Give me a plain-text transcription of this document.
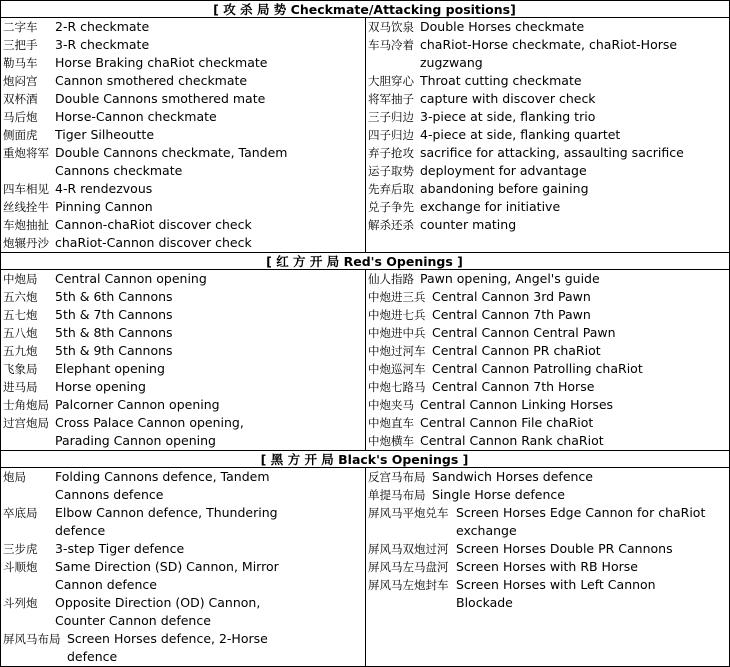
[ 攻 杀 局 势 Checkmate/Attacking positions]
二字车 2-R checkmate
三把手 3-R checkmate
勒马车 Horse Braking chaRiot checkmate
炮闷宫 Cannon smothered checkmate
双杯酒 Double Cannons smothered mate
马后炮 Horse-Cannon checkmate
侧面虎 Tiger Silheoutte
重炮将军 Double Cannons checkmate, Tandem
Cannons checkmate
四车相见 4-R rendezvous
丝线拴牛 Pinning Cannon
车炮抽扯 Cannon-chaRiot discover check
炮辗丹沙 chaRiot-Cannon discover check
双马饮泉 Double Horses checkmate
车马冷着 chaRiot-Horse checkmate, chaRiot-Horse
zugzwang
大胆穿心 Throat cutting checkmate
将军抽子 capture with discover check
三子归边 3-piece at side, flanking trio
四子归边 4-piece at side, flanking quartet
弃子抢攻 sacrifice for attacking, assaulting sacrifice
运子取势 deployment for advantage
先弃后取 abandoning before gaining
兑子争先 exchange for initiative
解杀还杀 counter mating
[ 红 方 开 局 Red's Openings ]
中炮局 Central Cannon opening
五六炮 5th & 6th Cannons
五七炮 5th & 7th Cannons
五八炮 5th & 8th Cannons
五九炮 5th & 9th Cannons
飞象局 Elephant opening
进马局 Horse opening
士角炮局 Palcorner Cannon opening
过宫炮局 Cross Palace Cannon opening,
Parading Cannon opening
仙人指路 Pawn opening, Angel's guide
中炮进三兵 Central Cannon 3rd Pawn
中炮进七兵 Central Cannon 7th Pawn
中炮进中兵 Central Cannon Central Pawn
中炮过河车 Central Cannon PR chaRiot
中炮巡河车 Central Cannon Patrolling chaRiot
中炮七路马 Central Cannon 7th Horse
中炮夹马 Central Cannon Linking Horses
中炮直车 Central Cannon File chaRiot
中炮横车 Central Cannon Rank chaRiot
[ 黑 方 开 局 Black's Openings ]
炮局 Folding Cannons defence, Tandem
Cannons defence
卒底局 Elbow Cannon defence, Thundering
defence
三步虎 3-step Tiger defence
斗顺炮 Same Direction (SD) Cannon, Mirror
Cannon defence
斗列炮 Opposite Direction (OD) Cannon,
Counter Cannon defence
屏风马布局 Screen Horses defence, 2-Horse
defence
反宫马布局 Sandwich Horses defence
单提马布局 Single Horse defence
屏风马平炮兑车 Screen Horses Edge Cannon for chaRiot
exchange
屏风马双炮过河 Screen Horses Double PR Cannons
屏风马左马盘河 Screen Horses with RB Horse
屏风马左炮封车 Screen Horses with Left Cannon
Blockade
